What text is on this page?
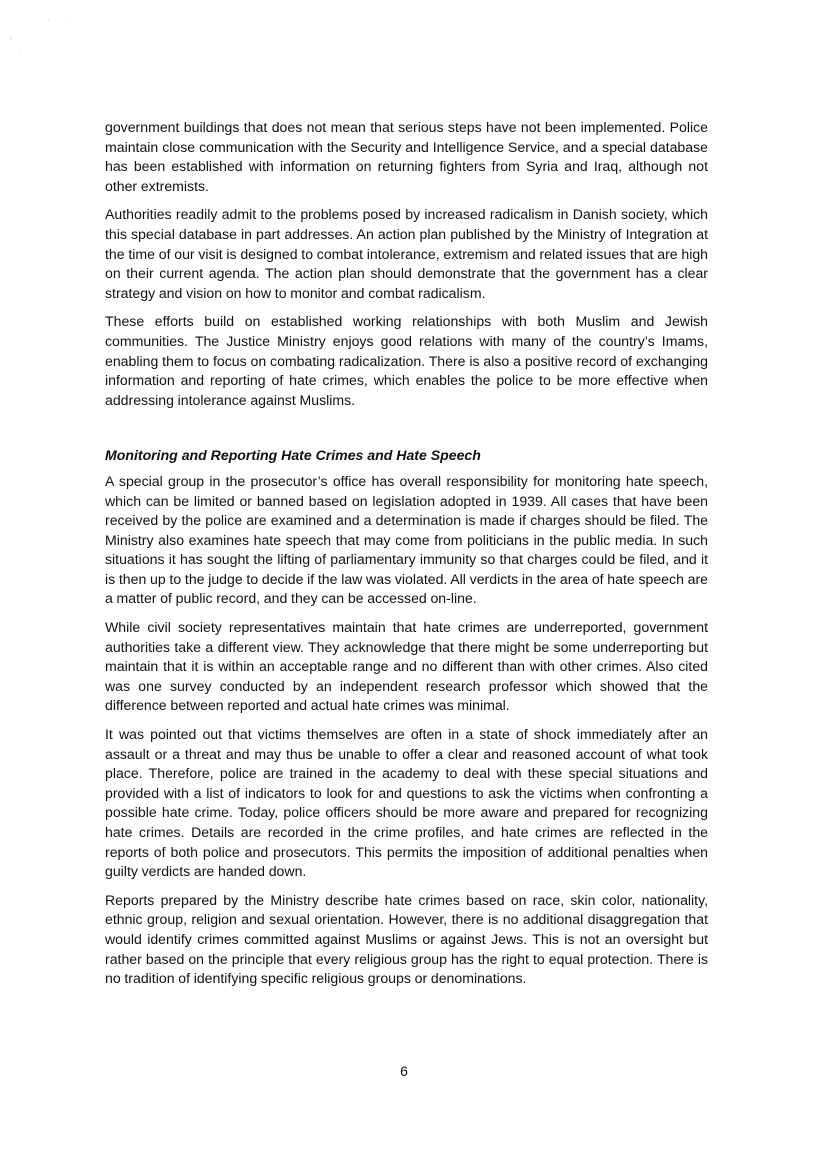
government buildings that does not mean that serious steps have not been implemented. Police maintain close communication with the Security and Intelligence Service, and a special database has been established with information on returning fighters from Syria and Iraq, although not other extremists.

Authorities readily admit to the problems posed by increased radicalism in Danish society, which this special database in part addresses. An action plan published by the Ministry of Integration at the time of our visit is designed to combat intolerance, extremism and related issues that are high on their current agenda. The action plan should demonstrate that the government has a clear strategy and vision on how to monitor and combat radicalism.

These efforts build on established working relationships with both Muslim and Jewish communities. The Justice Ministry enjoys good relations with many of the country’s Imams, enabling them to focus on combating radicalization. There is also a positive record of exchanging information and reporting of hate crimes, which enables the police to be more effective when addressing intolerance against Muslims.

Monitoring and Reporting Hate Crimes and Hate Speech

A special group in the prosecutor’s office has overall responsibility for monitoring hate speech, which can be limited or banned based on legislation adopted in 1939. All cases that have been received by the police are examined and a determination is made if charges should be filed. The Ministry also examines hate speech that may come from politicians in the public media. In such situations it has sought the lifting of parliamentary immunity so that charges could be filed, and it is then up to the judge to decide if the law was violated. All verdicts in the area of hate speech are a matter of public record, and they can be accessed on-line.

While civil society representatives maintain that hate crimes are underreported, government authorities take a different view. They acknowledge that there might be some underreporting but maintain that it is within an acceptable range and no different than with other crimes. Also cited was one survey conducted by an independent research professor which showed that the difference between reported and actual hate crimes was minimal.

It was pointed out that victims themselves are often in a state of shock immediately after an assault or a threat and may thus be unable to offer a clear and reasoned account of what took place. Therefore, police are trained in the academy to deal with these special situations and provided with a list of indicators to look for and questions to ask the victims when confronting a possible hate crime. Today, police officers should be more aware and prepared for recognizing hate crimes. Details are recorded in the crime profiles, and hate crimes are reflected in the reports of both police and prosecutors. This permits the imposition of additional penalties when guilty verdicts are handed down.

Reports prepared by the Ministry describe hate crimes based on race, skin color, nationality, ethnic group, religion and sexual orientation. However, there is no additional disaggregation that would identify crimes committed against Muslims or against Jews. This is not an oversight but rather based on the principle that every religious group has the right to equal protection. There is no tradition of identifying specific religious groups or denominations.

6
